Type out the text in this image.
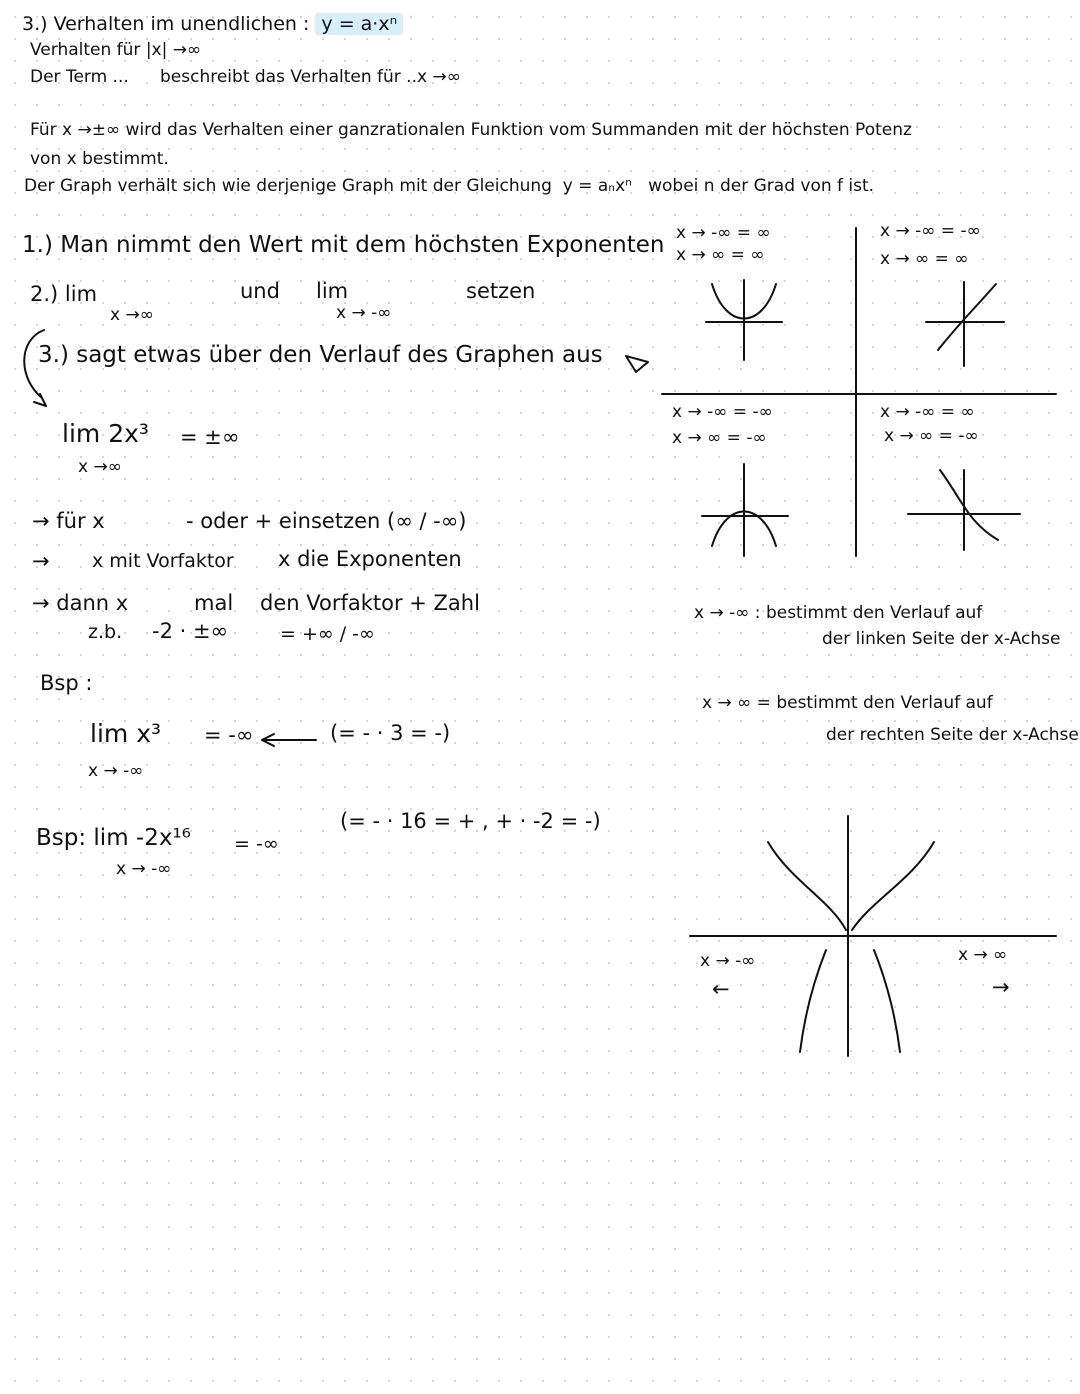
3.) Verhalten im unendlichen : y = a·xⁿ
Verhalten für |x| →∞
Der Term ... beschreibt das Verhalten für ..x →∞
Für x →±∞ wird das Verhalten einer ganzrationalen Funktion vom Summanden mit der höchsten Potenz
von x bestimmt.
Der Graph verhält sich wie derjenige Graph mit der Gleichung y = aₙxⁿ wobei n der Grad von f ist.
1.) Man nimmt den Wert mit dem höchsten Exponenten
2.) lim
x →∞
und lim
x → -∞
setzen
3.) sagt etwas über den Verlauf des Graphen aus
lim 2x³ = ±∞
x →∞
→ für x	- oder + einsetzen (∞ / -∞)
→ x mit Vorfaktor x die Exponenten
→ dann x	mal den Vorfaktor + Zahl
z.b. -2 · ±∞	= +∞ / -∞
Bsp :
lim x³ = -∞	(= - · 3 = -)
x → -∞
Bsp: lim -2x¹⁶ = -∞
(= - · 16 = + , + · -2 = -)
x → -∞
x → -∞ = ∞
x → ∞ = ∞
x → -∞ = -∞
x → ∞ = ∞
x → -∞ = -∞
x → ∞ = -∞
x → -∞ = ∞
x → ∞ = -∞
x → -∞ : bestimmt den Verlauf auf
der linken Seite der x-Achse
x → ∞ = bestimmt den Verlauf auf
der rechten Seite der x-Achse
x → -∞
←
x → ∞
→
